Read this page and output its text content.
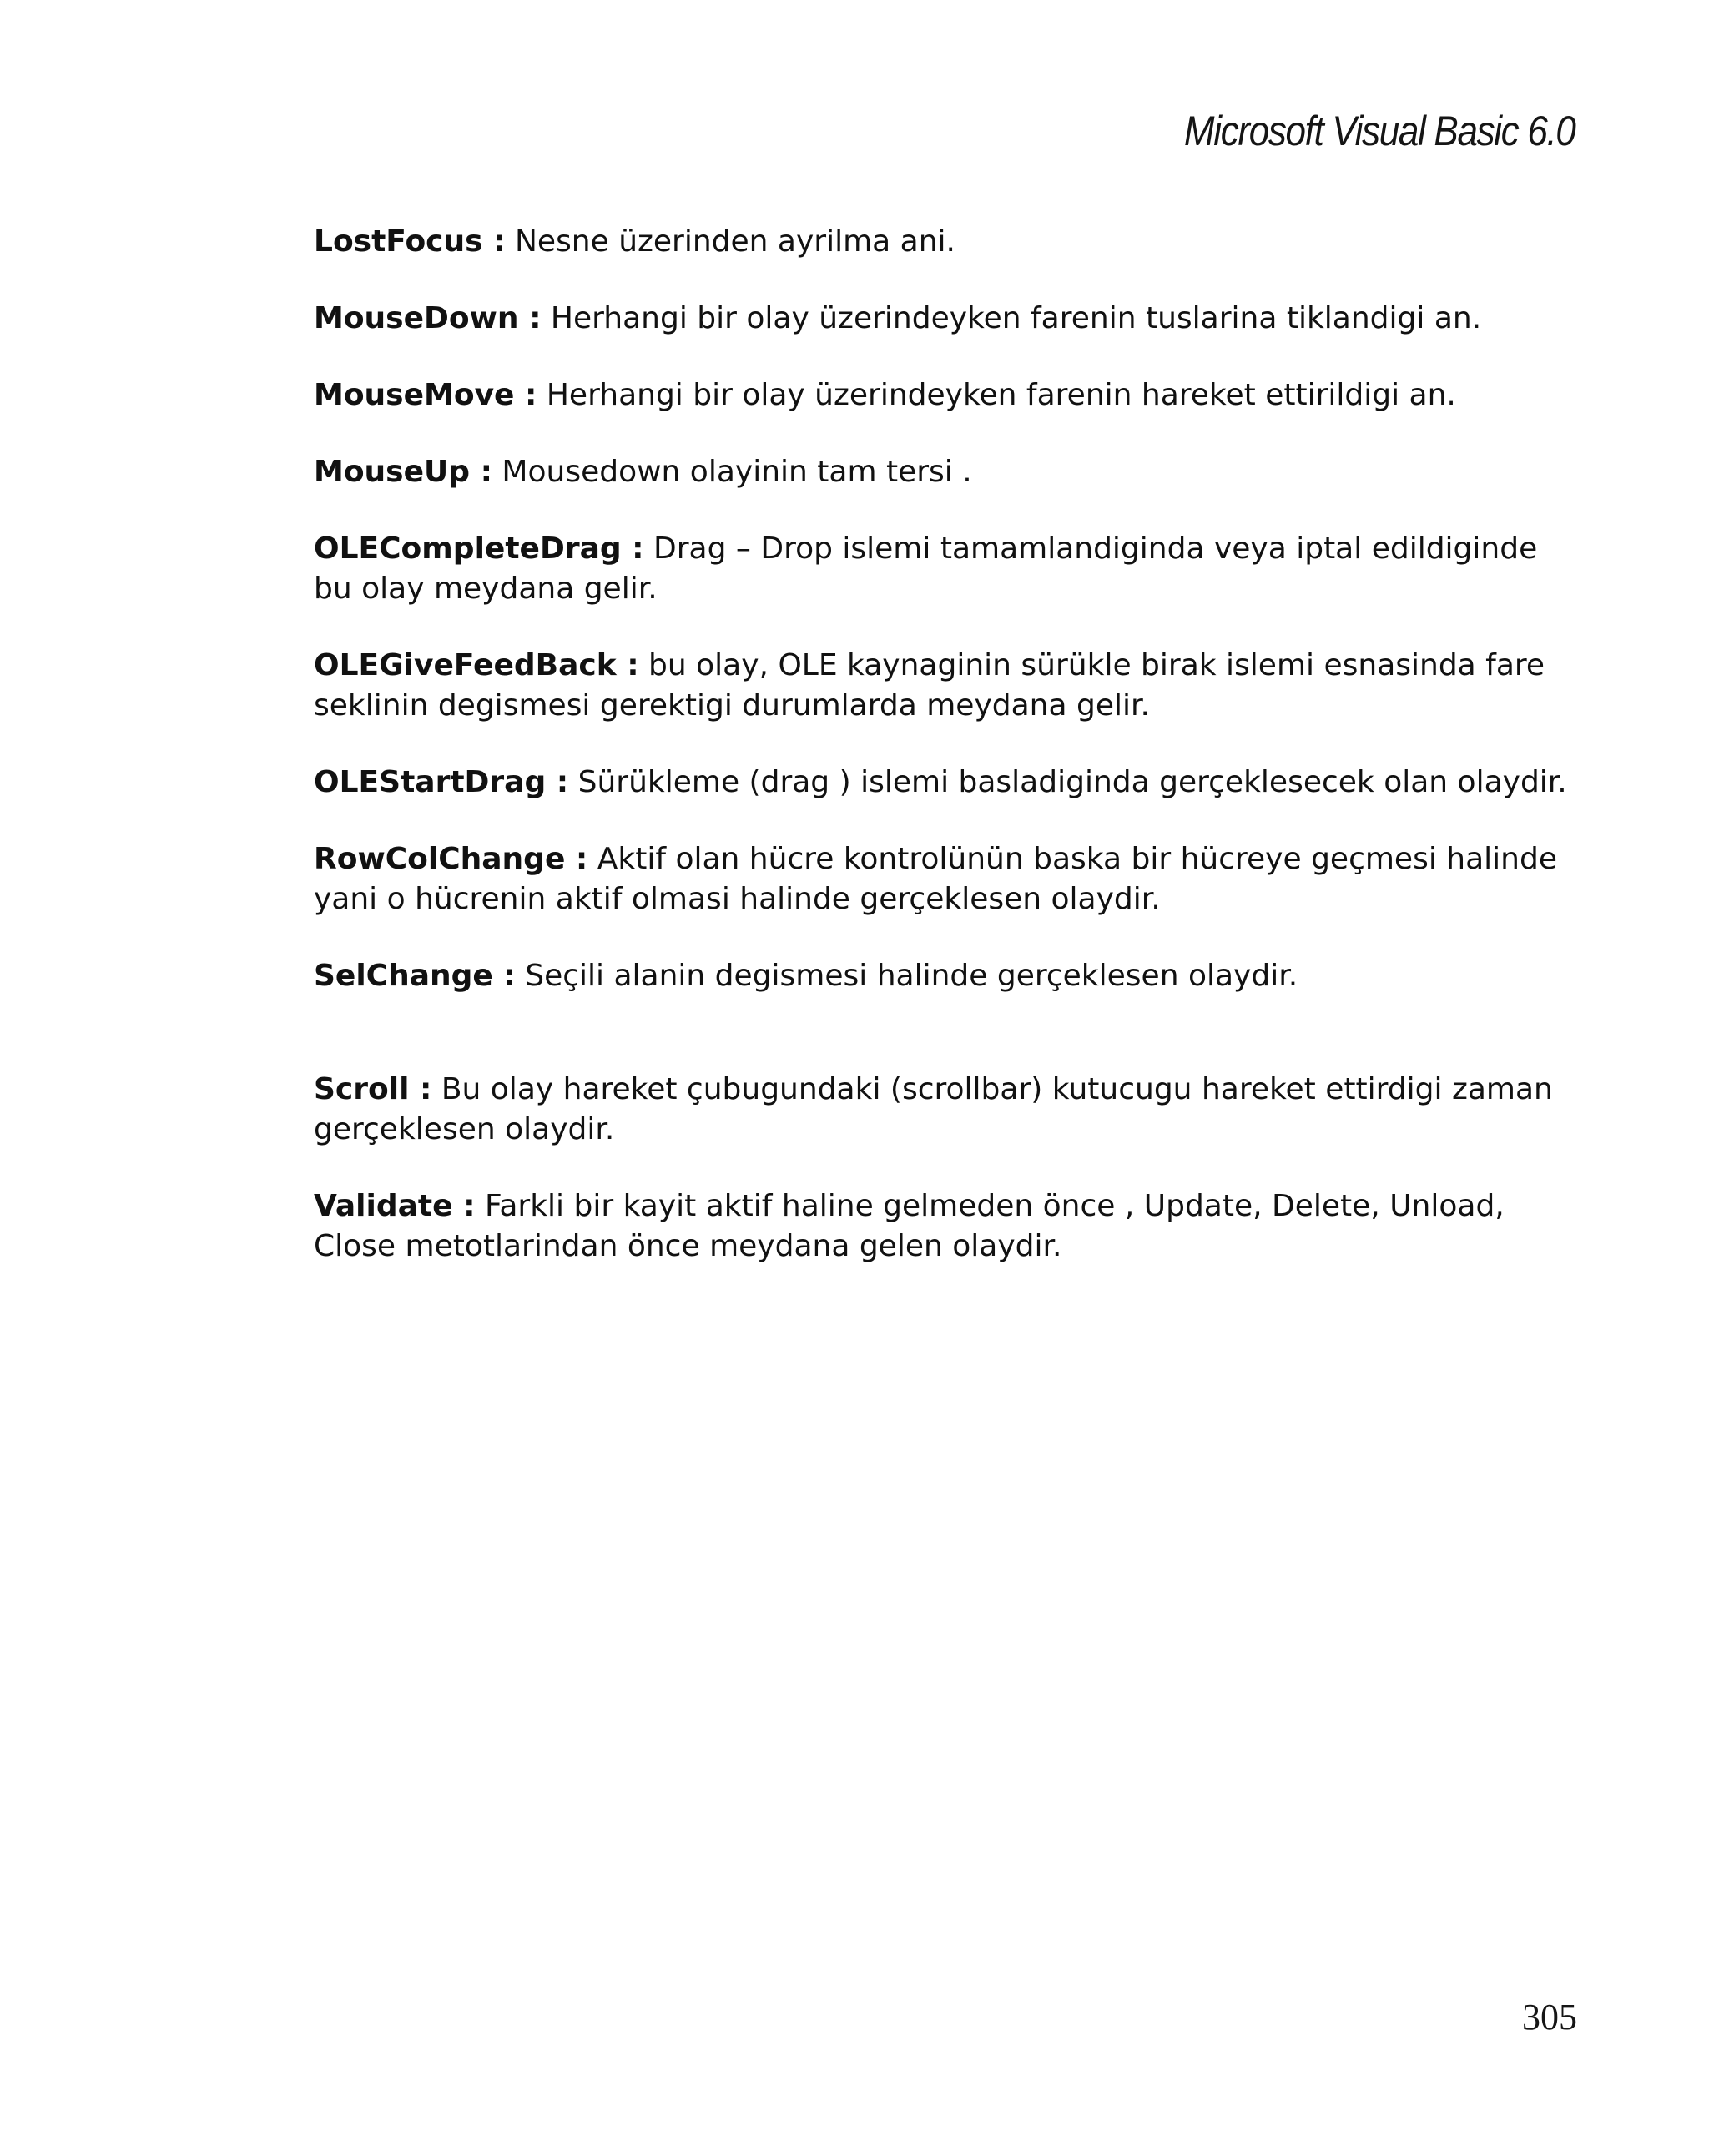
Microsoft Visual Basic 6.0

LostFocus : Nesne üzerinden ayrilma ani.

MouseDown : Herhangi bir olay üzerindeyken farenin tuslarina tiklandigi an.

MouseMove : Herhangi bir olay üzerindeyken farenin hareket ettirildigi an.

MouseUp : Mousedown olayinin tam tersi .

OLECompleteDrag : Drag – Drop islemi tamamlandiginda veya iptal edildiginde bu olay meydana gelir.

OLEGiveFeedBack : bu olay, OLE kaynaginin sürükle birak islemi esnasinda fare seklinin degismesi gerektigi durumlarda meydana gelir.

OLEStartDrag : Sürükleme (drag ) islemi basladiginda gerçeklesecek olan olaydir.

RowColChange : Aktif olan hücre kontrolünün baska bir hücreye geçmesi halinde yani o hücrenin aktif olmasi halinde gerçeklesen olaydir.

SelChange : Seçili alanin degismesi halinde gerçeklesen olaydir.

Scroll : Bu olay hareket çubugundaki (scrollbar) kutucugu hareket ettirdigi zaman gerçeklesen olaydir.

Validate : Farkli bir kayit aktif haline gelmeden önce , Update, Delete, Unload, Close metotlarindan önce meydana gelen olaydir.

305
